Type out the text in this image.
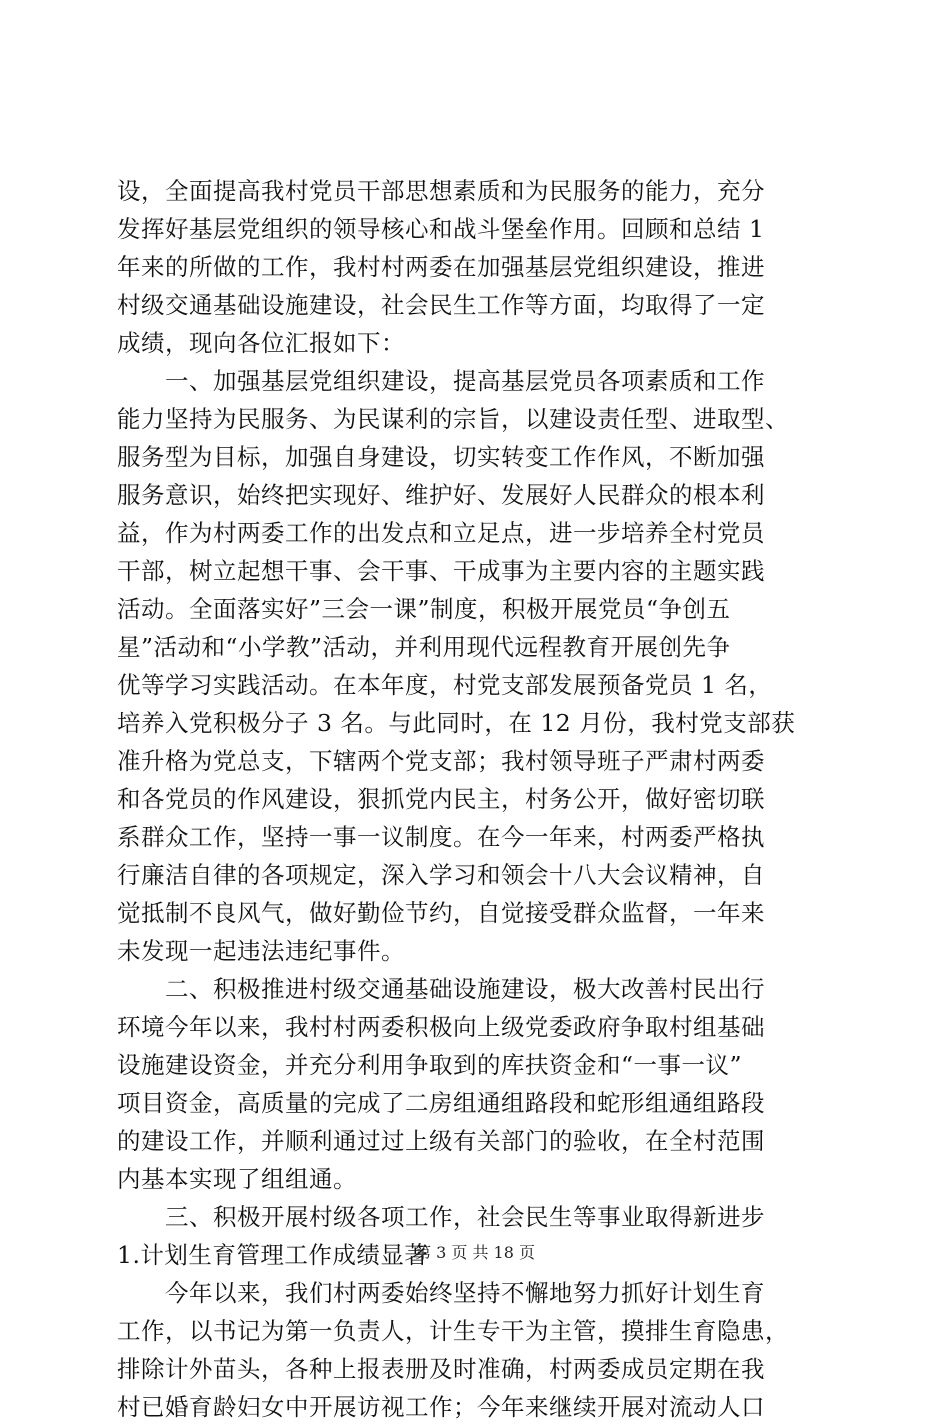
设，全面提高我村党员干部思想素质和为民服务的能力，充分
发挥好基层党组织的领导核心和战斗堡垒作用。回顾和总结 1
年来的所做的工作，我村村两委在加强基层党组织建设，推进
村级交通基础设施建设，社会民生工作等方面，均取得了一定
成绩，现向各位汇报如下：
　　一、加强基层党组织建设，提高基层党员各项素质和工作
能力坚持为民服务、为民谋利的宗旨，以建设责任型、进取型、
服务型为目标，加强自身建设，切实转变工作作风，不断加强
服务意识，始终把实现好、维护好、发展好人民群众的根本利
益，作为村两委工作的出发点和立足点，进一步培养全村党员
干部，树立起想干事、会干事、干成事为主要内容的主题实践
活动。全面落实好”三会一课”制度，积极开展党员“争创五
星”活动和“小学教”活动，并利用现代远程教育开展创先争
优等学习实践活动。在本年度，村党支部发展预备党员 1 名，
培养入党积极分子 3 名。与此同时，在 12 月份，我村党支部获
准升格为党总支，下辖两个党支部；我村领导班子严肃村两委
和各党员的作风建设，狠抓党内民主，村务公开，做好密切联
系群众工作，坚持一事一议制度。在今一年来，村两委严格执
行廉洁自律的各项规定，深入学习和领会十八大会议精神，自
觉抵制不良风气，做好勤俭节约，自觉接受群众监督，一年来
未发现一起违法违纪事件。
　　二、积极推进村级交通基础设施建设，极大改善村民出行
环境今年以来，我村村两委积极向上级党委政府争取村组基础
设施建设资金，并充分利用争取到的库扶资金和“一事一议”
项目资金，高质量的完成了二房组通组路段和蛇形组通组路段
的建设工作，并顺利通过过上级有关部门的验收，在全村范围
内基本实现了组组通。
　　三、积极开展村级各项工作，社会民生等事业取得新进步
1.计划生育管理工作成绩显著
　　今年以来，我们村两委始终坚持不懈地努力抓好计划生育
工作，以书记为第一负责人，计生专干为主管，摸排生育隐患，
排除计外苗头，各种上报表册及时准确，村两委成员定期在我
村已婚育龄妇女中开展访视工作；今年来继续开展对流动人口
第 3 页 共 18 页
